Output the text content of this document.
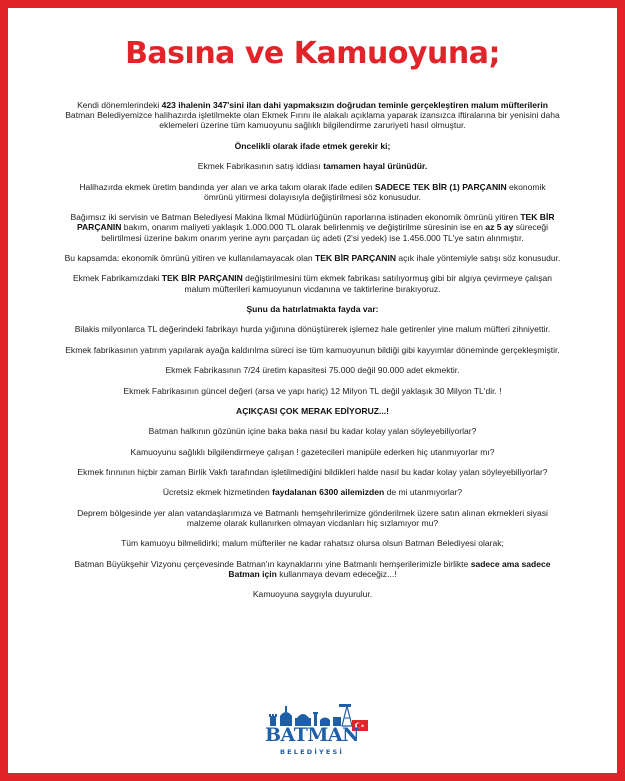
Basına ve Kamuoyuna;

Kendi dönemlerindeki 423 ihalenin 347'sini ilan dahi yapmaksızın doğrudan teminle gerçekleştiren malum müfterilerin Batman Belediyemizce halihazırda işletilmekte olan Ekmek Fırını ile alakalı açıklama yaparak izansızca iftiralarına bir yenisini daha eklemeleri üzerine tüm kamuoyunu sağlıklı bilgilendirme zaruriyeti hasıl olmuştur.

Öncelikli olarak ifade etmek gerekir ki;

Ekmek Fabrikasının satış iddiası tamamen hayal ürünüdür.

Halihazırda ekmek üretim bandında yer alan ve arka takım olarak ifade edilen SADECE TEK BİR (1) PARÇANIN ekonomik ömrünü yitirmesi dolayısıyla değiştirilmesi söz konusudur.

Bağımsız iki servisin ve Batman Belediyesi Makina İkmal Müdürlüğünün raporlarına istinaden ekonomik ömrünü yitiren TEK BİR PARÇANIN bakım, onarım maliyeti yaklaşık 1.000.000 TL olarak belirlenmiş ve değiştirilme süresinin ise en az 5 ay süreceği belirtilmesi üzerine bakım onarım yerine aynı parçadan üç adeti (2'si yedek) ise 1.456.000 TL'ye satın alınmıştır.

Bu kapsamda: ekonomik ömrünü yitiren ve kullanılamayacak olan TEK BİR PARÇANIN açık ihale yöntemiyle satışı söz konusudur.

Ekmek Fabrikamızdaki TEK BİR PARÇANIN değiştirilmesini tüm ekmek fabrikası satılıyormuş gibi bir algıya çevirmeye çalışan malum müfterileri kamuoyunun vicdanına ve taktirlerine bırakıyoruz.

Şunu da hatırlatmakta fayda var:

Bilakis milyonlarca TL değerindeki fabrikayı hurda yığınına dönüştürerek işlemez hale getirenler yine malum müfteri zihniyettir.

Ekmek fabrikasının yatırım yapılarak ayağa kaldırılma süreci ise tüm kamuoyunun bildiği gibi kayyımlar döneminde gerçekleşmiştir.

Ekmek Fabrikasının 7/24 üretim kapasitesi 75.000 değil 90.000 adet ekmektir.

Ekmek Fabrikasının güncel değeri (arsa ve yapı hariç) 12 Milyon TL değil yaklaşık 30 Milyon TL'dir. !

AÇIKÇASI ÇOK MERAK EDİYORUZ...!

Batman halkının gözünün içine baka baka nasıl bu kadar kolay yalan söyleyebiliyorlar?

Kamuoyunu sağlıklı bilgilendirmeye çalışan ! gazetecileri manipüle ederken hiç utanmıyorlar mı?

Ekmek fırınının hiçbir zaman Birlik Vakfı tarafından işletilmediğini bildikleri halde nasıl bu kadar kolay yalan söyleyebiliyorlar?

Ücretsiz ekmek hizmetinden faydalanan 6300 ailemizden de mi utanmıyorlar?

Deprem bölgesinde yer alan vatandaşlarımıza ve Batmanlı hemşehrilerimize gönderilmek üzere satın alınan ekmekleri siyasi malzeme olarak kullanırken olmayan vicdanları hiç sızlamıyor mu?

Tüm kamuoyu bilmelidirki; malum müfteriler ne kadar rahatsız olursa olsun Batman Belediyesi olarak;

Batman Büyükşehir Vizyonu çerçevesinde Batman'ın kaynaklarını yine Batmanlı hemşerilerimizle birlikte sadece ama sadece Batman için kullanmaya devam edeceğiz...!

Kamuoyuna saygıyla duyurulur.

BATMAN
BELEDİYESİ
